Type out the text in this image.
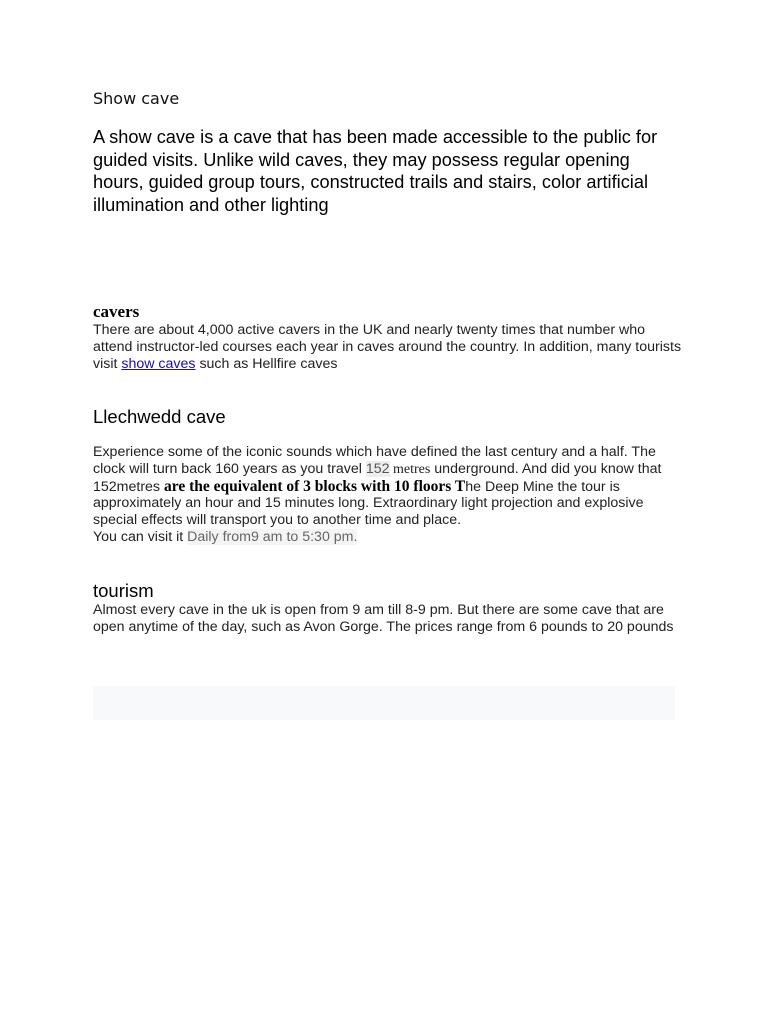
Show cave
A show cave is a cave that has been made accessible to the public for guided visits. Unlike wild caves, they may possess regular opening hours, guided group tours, constructed trails and stairs, color artificial illumination and other lighting
cavers
There are about 4,000 active cavers in the UK and nearly twenty times that number who attend instructor-led courses each year in caves around the country. In addition, many tourists visit show caves such as Hellfire caves
Llechwedd cave
Experience some of the iconic sounds which have defined the last century and a half. The clock will turn back 160 years as you travel 152 metres underground. And did you know that 152metres are the equivalent of 3 blocks with 10 floors The Deep Mine the tour is approximately an hour and 15 minutes long. Extraordinary light projection and explosive special effects will transport you to another time and place.
You can visit it Daily from9 am to 5:30 pm.
tourism
Almost every cave in the uk is open from 9 am till 8-9 pm. But there are some cave that are open anytime of the day, such as Avon Gorge. The prices range from 6 pounds to 20 pounds
